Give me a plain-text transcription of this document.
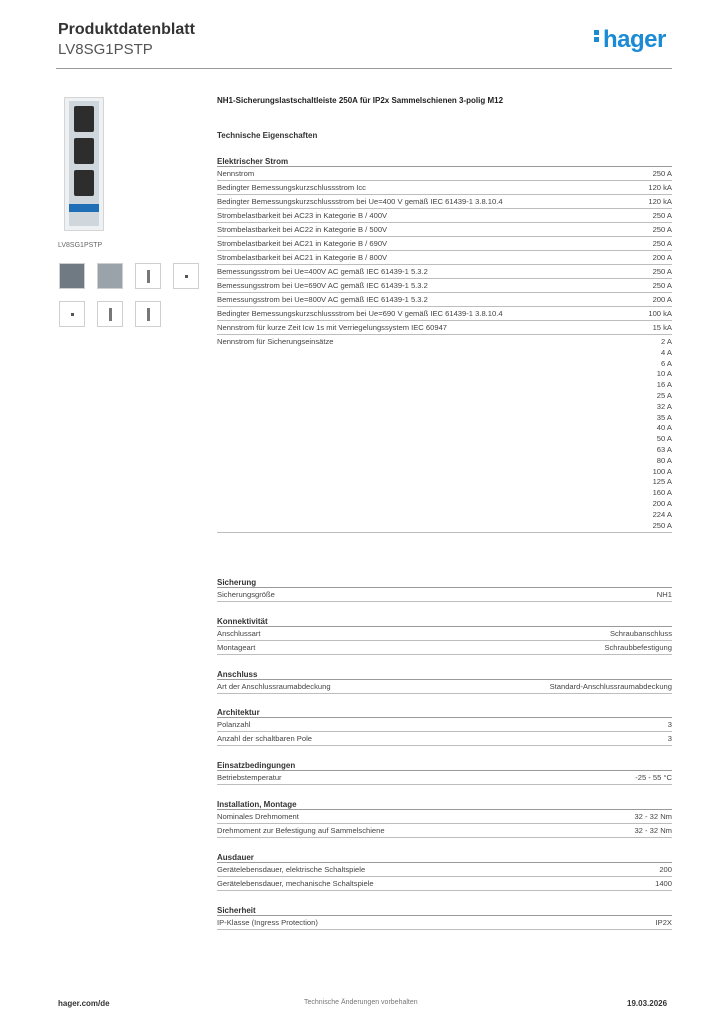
Produktdatenblatt
LV8SG1PSTP	hager
LV8SG1PSTP
NH1-Sicherungslastschaltleiste 250A für IP2x Sammelschienen 3-polig M12
Technische Eigenschaften
Elektrischer Strom
Nennstrom	250 A
Bedingter Bemessungskurzschlussstrom Icc	120 kA
Bedingter Bemessungskurzschlussstrom bei Ue=400 V gemäß IEC 61439-1 3.8.10.4	120 kA
Strombelastbarkeit bei AC23 in Kategorie B / 400V	250 A
Strombelastbarkeit bei AC22 in Kategorie B / 500V	250 A
Strombelastbarkeit bei AC21 in Kategorie B / 690V	250 A
Strombelastbarkeit bei AC21 in Kategorie B / 800V	200 A
Bemessungsstrom bei Ue=400V AC gemäß IEC 61439-1 5.3.2	250 A
Bemessungsstrom bei Ue=690V AC gemäß IEC 61439-1 5.3.2	250 A
Bemessungsstrom bei Ue=800V AC gemäß IEC 61439-1 5.3.2	200 A
Bedingter Bemessungskurzschlussstrom bei Ue=690 V gemäß IEC 61439-1 3.8.10.4	100 kA
Nennstrom für kurze Zeit Icw 1s mit Verriegelungssystem IEC 60947	15 kA
Nennstrom für Sicherungseinsätze	2 A
4 A
6 A
10 A
16 A
25 A
32 A
35 A
40 A
50 A
63 A
80 A
100 A
125 A
160 A
200 A
224 A
250 A
Sicherung
Sicherungsgröße	NH1
Konnektivität
Anschlussart	Schraubanschluss
Montageart	Schraubbefestigung
Anschluss
Art der Anschlussraumabdeckung	Standard-Anschlussraumabdeckung
Architektur
Polanzahl	3
Anzahl der schaltbaren Pole	3
Einsatzbedingungen
Betriebstemperatur	-25 - 55 °C
Installation, Montage
Nominales Drehmoment	32 - 32 Nm
Drehmoment zur Befestigung auf Sammelschiene	32 - 32 Nm
Ausdauer
Gerätelebensdauer, elektrische Schaltspiele	200
Gerätelebensdauer, mechanische Schaltspiele	1400
Sicherheit
IP-Klasse (Ingress Protection)	IP2X
hager.com/de	Technische Änderungen vorbehalten	19.03.2026
